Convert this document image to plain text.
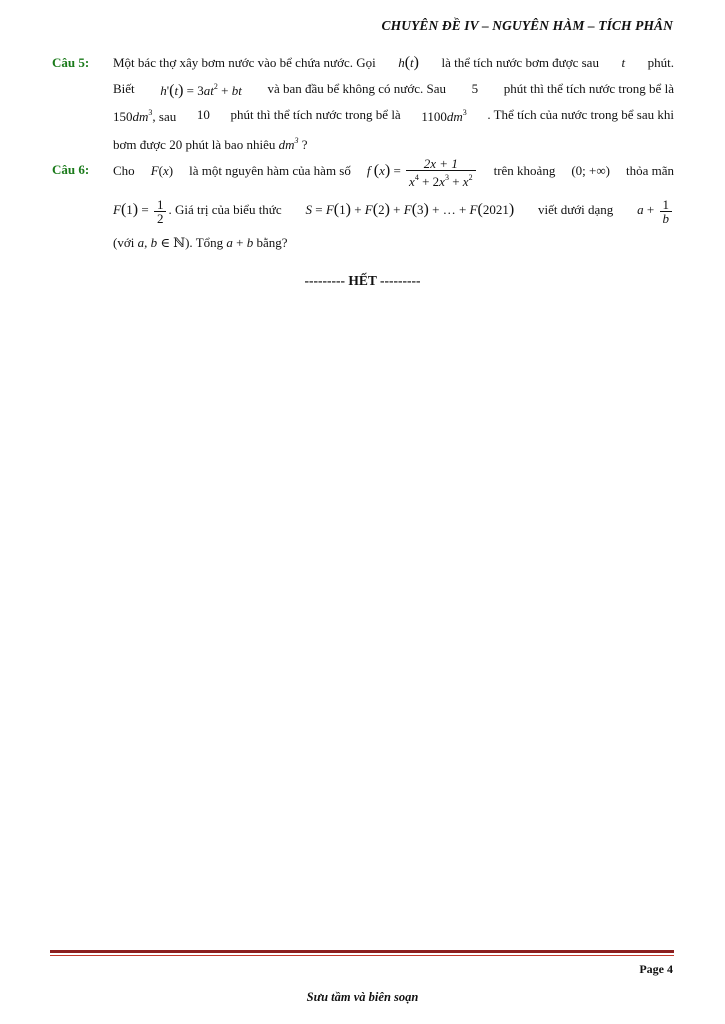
CHUYÊN ĐỀ IV – NGUYÊN HÀM – TÍCH PHÂN
Câu 5: Một bác thợ xây bơm nước vào bể chứa nước. Gọi h(t) là thể tích nước bơm được sau t phút.
Biết $h'(t) = 3at^2$ + bt và ban đầu bể không có nước. Sau 5 phút thì thể tích nước trong bể là
$150dm^3$, sau 10 phút thì thể tích nước trong bể là $1100dm^3$ . Thể tích của nước trong bể sau khi
bơm được 20 phút là bao nhiêu $dm^3$ ?
Câu 6: Cho F(x) là một nguyên hàm của hàm số f $(x) = \frac{2x + 1}{x^4 + 2x^3 + x^2}$ trên khoảng (0; +∞) thỏa mãn
$F(1) = \frac{1}{2}$ . Giá trị của biểu thức S = F(1) + F(2) + F(3) + … + F(2021) viết dưới dạng $a + \frac{1}{b}$
(với a, b ∈ ℕ). Tổng a + b bằng?
--------- HẾT ---------
Page 4
Sưu tầm và biên soạn
